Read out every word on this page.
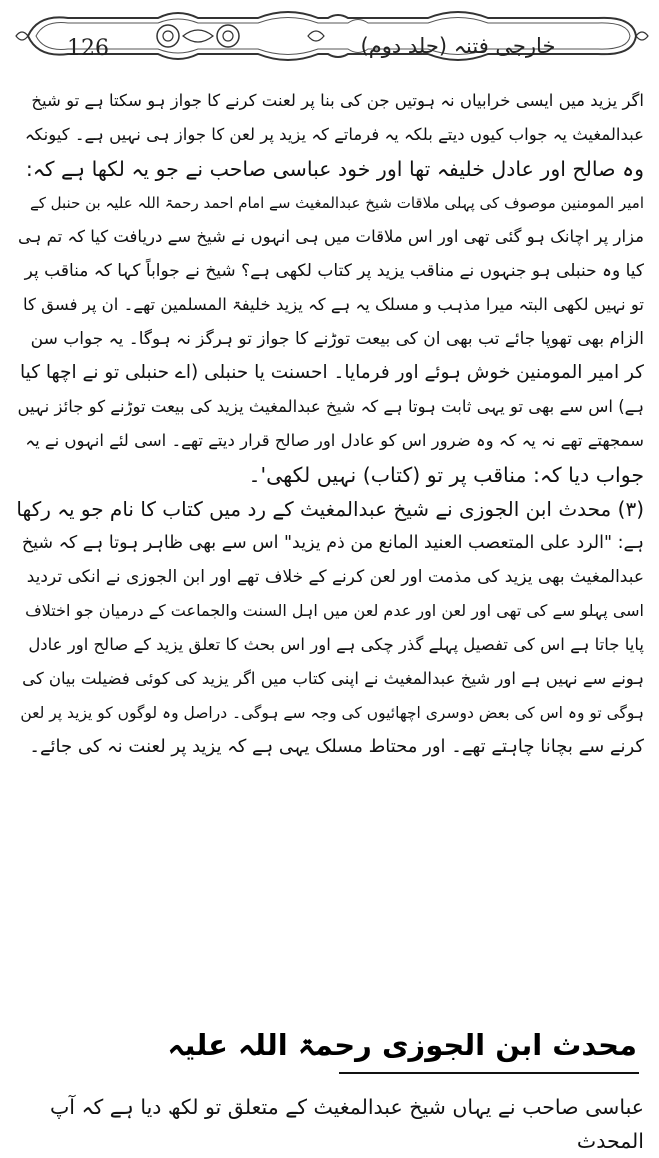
126	خارجی فتنہ (جلد دوم)
اگر یزید میں ایسی خرابیاں نہ ہوتیں جن کی بنا پر لعنت کرنے کا جواز ہو سکتا ہے تو شیخ
عبدالمغیث یہ جواب کیوں دیتے بلکہ یہ فرماتے کہ یزید پر لعن کا جواز ہی نہیں ہے۔ کیونکہ
وہ صالح اور عادل خلیفہ تھا اور خود عباسی صاحب نے جو یہ لکھا ہے کہ:
امیر المومنین موصوف کی پہلی ملاقات شیخ عبدالمغیث سے امام احمد رحمۃ اللہ علیہ بن حنبل کے
مزار پر اچانک ہو گئی تھی اور اس ملاقات میں ہی انہوں نے شیخ سے دریافت کیا کہ تم ہی
کیا وہ حنبلی ہو جنہوں نے مناقب یزید پر کتاب لکھی ہے؟ شیخ نے جواباً کہا کہ مناقب پر
تو نہیں لکھی البتہ میرا مذہب و مسلک یہ ہے کہ یزید خلیفۃ المسلمین تھے۔ ان پر فسق کا
الزام بھی تھوپا جائے تب بھی ان کی بیعت توڑنے کا جواز تو ہرگز نہ ہوگا۔ یہ جواب سن
کر امیر المومنین خوش ہوئے اور فرمایا۔ احسنت یا حنبلی (اے حنبلی تو نے اچھا کیا
ہے) اس سے بھی تو یہی ثابت ہوتا ہے کہ شیخ عبدالمغیث یزید کی بیعت توڑنے کو جائز نہیں
سمجھتے تھے نہ یہ کہ وہ ضرور اس کو عادل اور صالح قرار دیتے تھے۔ اسی لئے انہوں نے یہ
جواب دیا کہ: مناقب پر تو (کتاب) نہیں لکھی'۔
(۳) محدث ابن الجوزی نے شیخ عبدالمغیث کے رد میں کتاب کا نام جو یہ رکھا
ہے: "الرد علی المتعصب العنید المانع من ذم یزید" اس سے بھی ظاہر ہوتا ہے کہ شیخ
عبدالمغیث بھی یزید کی مذمت اور لعن کرنے کے خلاف تھے اور ابن الجوزی نے انکی تردید
اسی پہلو سے کی تھی اور لعن اور عدم لعن میں اہل السنت والجماعت کے درمیان جو اختلاف
پایا جاتا ہے اس کی تفصیل پہلے گذر چکی ہے اور اس بحث کا تعلق یزید کے صالح اور عادل
ہونے سے نہیں ہے اور شیخ عبدالمغیث نے اپنی کتاب میں اگر یزید کی کوئی فضیلت بیان کی
ہوگی تو وہ اس کی بعض دوسری اچھائیوں کی وجہ سے ہوگی۔ دراصل وہ لوگوں کو یزید پر لعن
کرنے سے بچانا چاہتے تھے۔ اور محتاط مسلک یہی ہے کہ یزید پر لعنت نہ کی جائے۔
محدث ابن الجوزی رحمۃ اللہ علیہ
عباسی صاحب نے یہاں شیخ عبدالمغیث کے متعلق تو لکھ دیا ہے کہ آپ المحدث
